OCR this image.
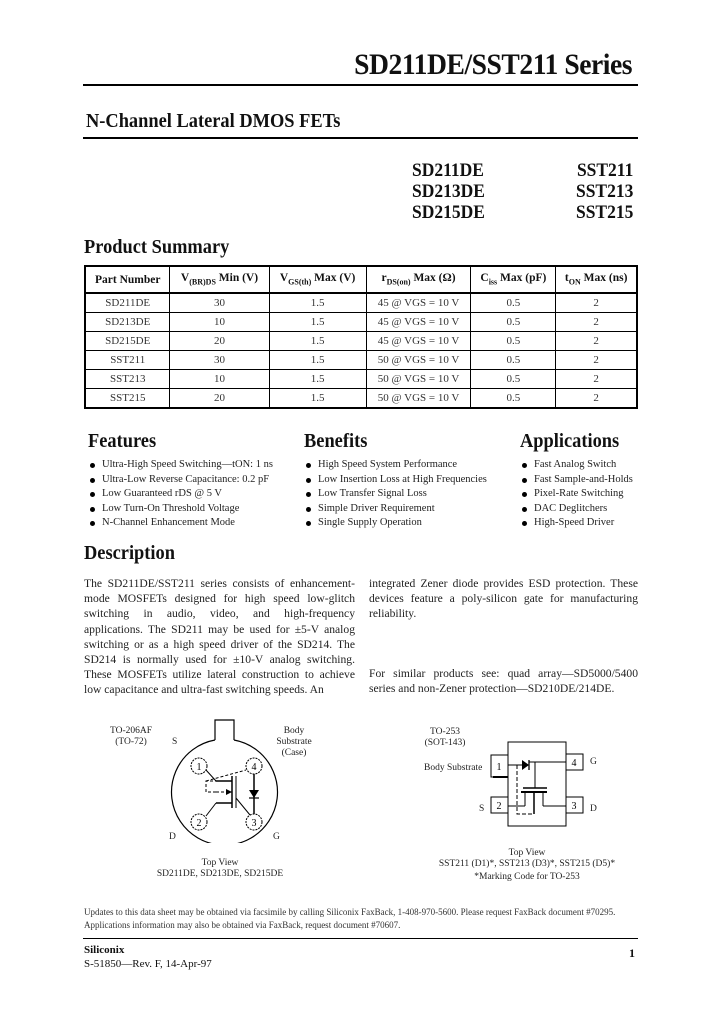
SD211DE/SST211 Series
N-Channel Lateral DMOS FETs
SD211DE
SD213DE
SD215DE
SST211
SST213
SST215
Product Summary
Part Number	$V_{(BR)DS}$ Min (V)	$V_{GS(th)}$ Max (V)	$r_{DS(on)}$ Max (Ω)	$C_{iss}$ Max (pF)	$t_{ON}$ Max (ns)
SD211DE	30	1.5	45 @ VGS = 10 V	0.5	2
SD213DE	10	1.5	45 @ VGS = 10 V	0.5	2
SD215DE	20	1.5	45 @ VGS = 10 V	0.5	2
SST211	30	1.5	50 @ VGS = 10 V	0.5	2
SST213	10	1.5	50 @ VGS = 10 V	0.5	2
SST215	20	1.5	50 @ VGS = 10 V	0.5	2
Features
Ultra-High Speed Switching—tON: 1 ns
Ultra-Low Reverse Capacitance: 0.2 pF
Low Guaranteed rDS @ 5 V
Low Turn-On Threshold Voltage
N-Channel Enhancement Mode
Benefits
High Speed System Performance
Low Insertion Loss at High Frequencies
Low Transfer Signal Loss
Simple Driver Requirement
Single Supply Operation
Applications
Fast Analog Switch
Fast Sample-and-Holds
Pixel-Rate Switching
DAC Deglitchers
High-Speed Driver
Description
The SD211DE/SST211 series consists of enhancement-mode MOSFETs designed for high speed low-glitch switching in audio, video, and high-frequency applications. The SD211 may be used for ±5-V analog switching or as a high speed driver of the SD214. The SD214 is normally used for ±10-V analog switching. These MOSFETs utilize lateral construction to achieve low capacitance and ultra-fast switching speeds. An
integrated Zener diode provides ESD protection. These devices feature a poly-silicon gate for manufacturing reliability.
For similar products see: quad array—SD5000/5400 series and non-Zener protection—SD210DE/214DE.
TO-206AF
(TO-72)	S
Body
Substrate
(Case)
D	G
1	4
2	3
Top View
SD211DE, SD213DE, SD215DE
TO-253
(SOT-143)
Body Substrate
S
G
D
1
2
4
3
Top View
SST211 (D1)*, SST213 (D3)*, SST215 (D5)*
*Marking Code for TO-253
Updates to this data sheet may be obtained via facsimile by calling Siliconix FaxBack, 1-408-970-5600. Please request FaxBack document #70295.
Applications information may also be obtained via FaxBack, request document #70607.
Siliconix
S-51850—Rev. F, 14-Apr-97
1
